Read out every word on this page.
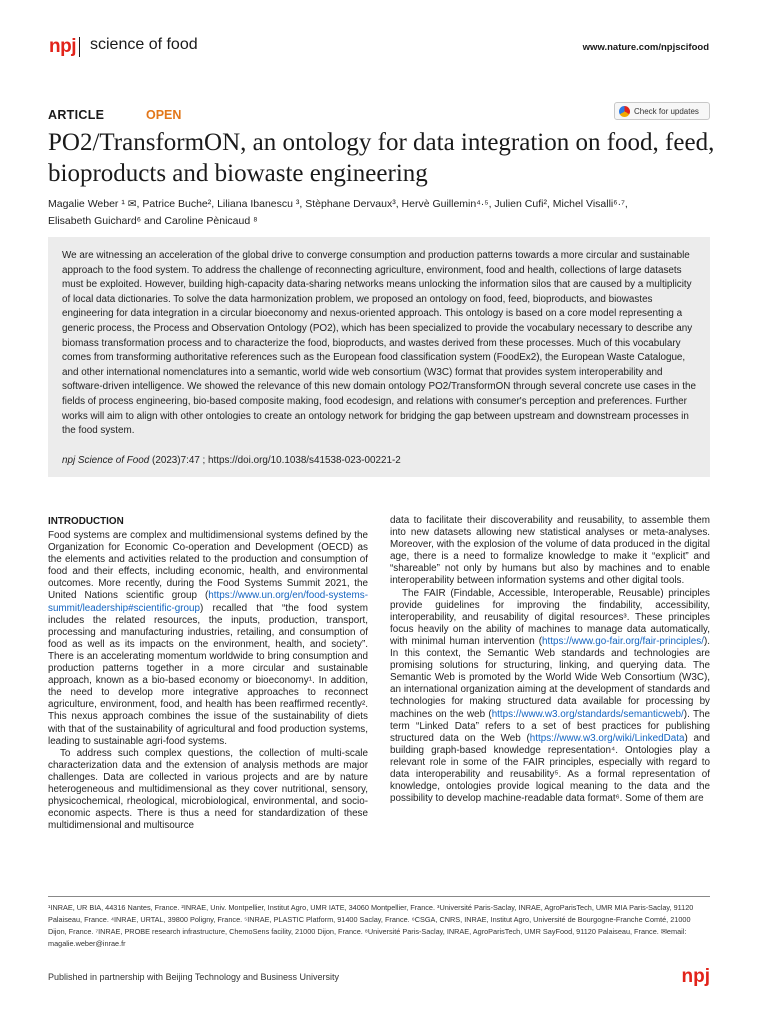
npj science of food	www.nature.com/npjscifood
ARTICLE	OPEN	Check for updates
PO2/TransformON, an ontology for data integration on food, feed, bioproducts and biowaste engineering
Magalie Weber ¹ ✉, Patrice Buche², Liliana Ibanescu ³, Stèphane Dervaux³, Hervè Guillemin⁴·⁵, Julien Cufi², Michel Visalli⁶·⁷,
Elisabeth Guichard⁶ and Caroline Pènicaud ⁸
We are witnessing an acceleration of the global drive to converge consumption and production patterns towards a more circular and sustainable approach to the food system. To address the challenge of reconnecting agriculture, environment, food and health, collections of large datasets must be exploited. However, building high-capacity data-sharing networks means unlocking the information silos that are caused by a multiplicity of local data dictionaries. To solve the data harmonization problem, we proposed an ontology on food, feed, bioproducts, and biowastes engineering for data integration in a circular bioeconomy and nexus-oriented approach. This ontology is based on a core model representing a generic process, the Process and Observation Ontology (PO2), which has been specialized to provide the vocabulary necessary to describe any biomass transformation process and to characterize the food, bioproducts, and wastes derived from these processes. Much of this vocabulary comes from transforming authoritative references such as the European food classification system (FoodEx2), the European Waste Catalogue, and other international nomenclatures into a semantic, world wide web consortium (W3C) format that provides system interoperability and software-driven intelligence. We showed the relevance of this new domain ontology PO2/TransformON through several concrete use cases in the fields of process engineering, bio-based composite making, food ecodesign, and relations with consumer's perception and preferences. Further works will aim to align with other ontologies to create an ontology network for bridging the gap between upstream and downstream processes in the food system.
npj Science of Food (2023)7:47 ; https://doi.org/10.1038/s41538-023-00221-2
INTRODUCTION

Food systems are complex and multidimensional systems defined by the Organization for Economic Co-operation and Development (OECD) as the elements and activities related to the production and consumption of food and their effects, including economic, health, and environmental outcomes. More recently, during the Food Systems Summit 2021, the United Nations scientific group (https://www.un.org/en/food-systems-summit/leadership#scientific-group) recalled that “the food system includes the related resources, the inputs, production, transport, processing and manufacturing industries, retailing, and consumption of food as well as its impacts on the environment, health, and society”. There is an accelerating momentum worldwide to bring consumption and production patterns together in a more circular and sustainable approach, known as a bio-based economy or bioeconomy¹. In addition, the need to develop more integrative approaches to reconnect agriculture, environment, food, and health has been reaffirmed recently². This nexus approach combines the issue of the sustainability of diets with that of the sustainability of agricultural and food production systems, leading to sustainable agri-food systems.

To address such complex questions, the collection of multi-scale characterization data and the extension of analysis methods are major challenges. Data are collected in various projects and are by nature heterogeneous and multidimensional as they cover nutritional, sensory, physicochemical, rheological, microbiological, environmental, and socio-economic aspects. There is thus a need for standardization of these multidimensional and multisource

data to facilitate their discoverability and reusability, to assemble them into new datasets allowing new statistical analyses or meta-analyses. Moreover, with the explosion of the volume of data produced in the digital age, there is a need to formalize knowledge to make it “explicit” and “shareable” not only by humans but also by machines and to enable interoperability between information systems and other digital tools.

The FAIR (Findable, Accessible, Interoperable, Reusable) principles provide guidelines for improving the findability, accessibility, interoperability, and reusability of digital resources³. These principles focus heavily on the ability of machines to manage data automatically, with minimal human intervention (https://www.go-fair.org/fair-principles/). In this context, the Semantic Web standards and technologies are promising solutions for structuring, linking, and querying data. The Semantic Web is promoted by the World Wide Web Consortium (W3C), an international organization aiming at the development of standards and technologies for making structured data available for processing by machines on the web (https://www.w3.org/standards/semanticweb/). The term “Linked Data” refers to a set of best practices for publishing structured data on the Web (https://www.w3.org/wiki/LinkedData) and building graph-based knowledge representation⁴. Ontologies play a relevant role in some of the FAIR principles, especially with regard to data interoperability and reusability⁵. As a formal representation of knowledge, ontologies provide logical meaning to the data and the possibility to develop machine-readable data format⁶. Some of them are

¹INRAE, UR BIA, 44316 Nantes, France. ²INRAE, Univ. Montpellier, Institut Agro, UMR IATE, 34060 Montpellier, France. ³Université Paris-Saclay, INRAE, AgroParisTech, UMR MIA Paris-Saclay, 91120 Palaiseau, France. ⁴INRAE, URTAL, 39800 Poligny, France. ⁵INRAE, PLASTIC Platform, 91400 Saclay, France. ⁶CSGA, CNRS, INRAE, Institut Agro, Université de Bourgogne-Franche Comté, 21000 Dijon, France. ⁷INRAE, PROBE research infrastructure, ChemoSens facility, 21000 Dijon, France. ⁸Université Paris-Saclay, INRAE, AgroParisTech, UMR SayFood, 91120 Palaiseau, France. ✉email: magalie.weber@inrae.fr
Published in partnership with Beijing Technology and Business University	npj
